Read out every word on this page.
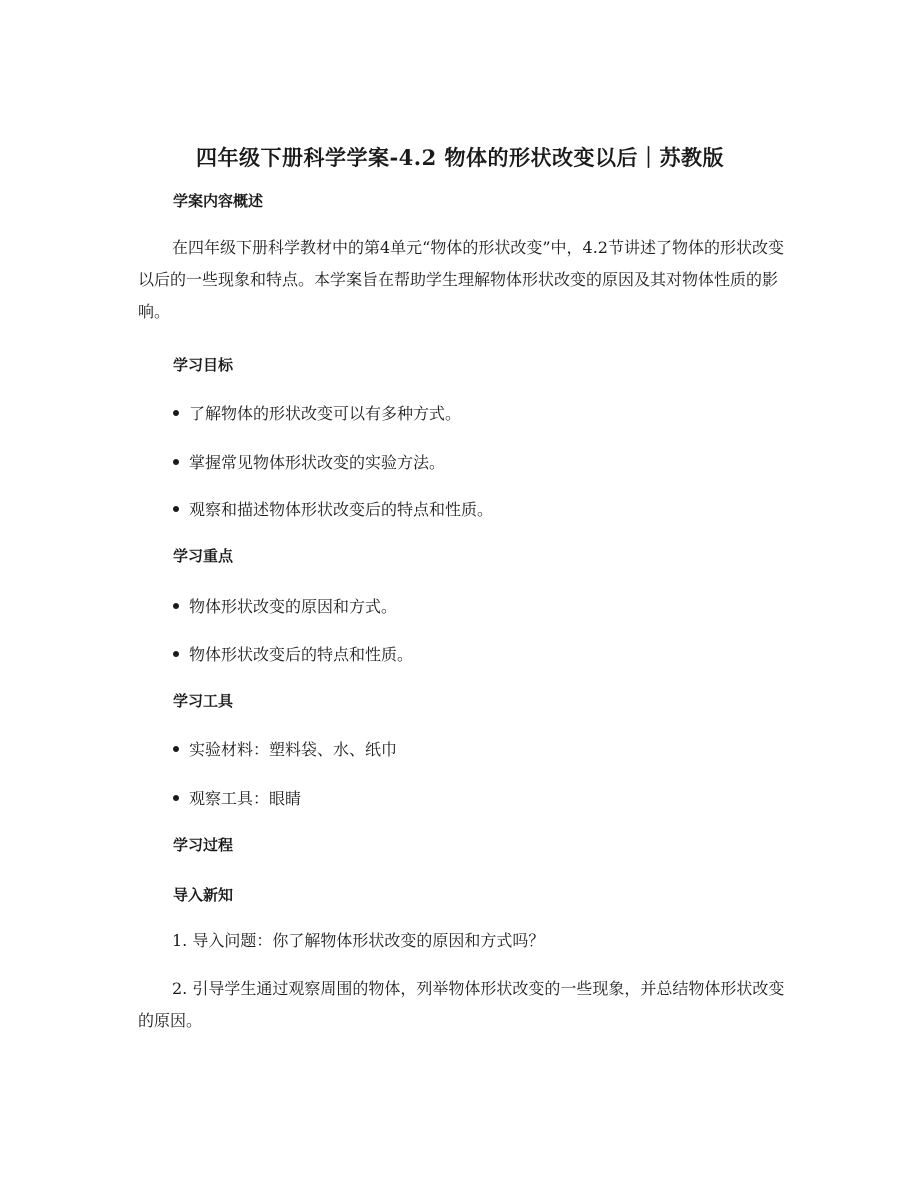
四年级下册科学学案-4.2 物体的形状改变以后｜苏教版
学案内容概述
在四年级下册科学教材中的第4单元“物体的形状改变”中，4.2节讲述了物体的形状改变以后的一些现象和特点。本学案旨在帮助学生理解物体形状改变的原因及其对物体性质的影响。
学习目标
了解物体的形状改变可以有多种方式。
掌握常见物体形状改变的实验方法。
观察和描述物体形状改变后的特点和性质。
学习重点
物体形状改变的原因和方式。
物体形状改变后的特点和性质。
学习工具
实验材料：塑料袋、水、纸巾
观察工具：眼睛
学习过程
导入新知
1. 导入问题：你了解物体形状改变的原因和方式吗？
2. 引导学生通过观察周围的物体，列举物体形状改变的一些现象，并总结物体形状改变的原因。
